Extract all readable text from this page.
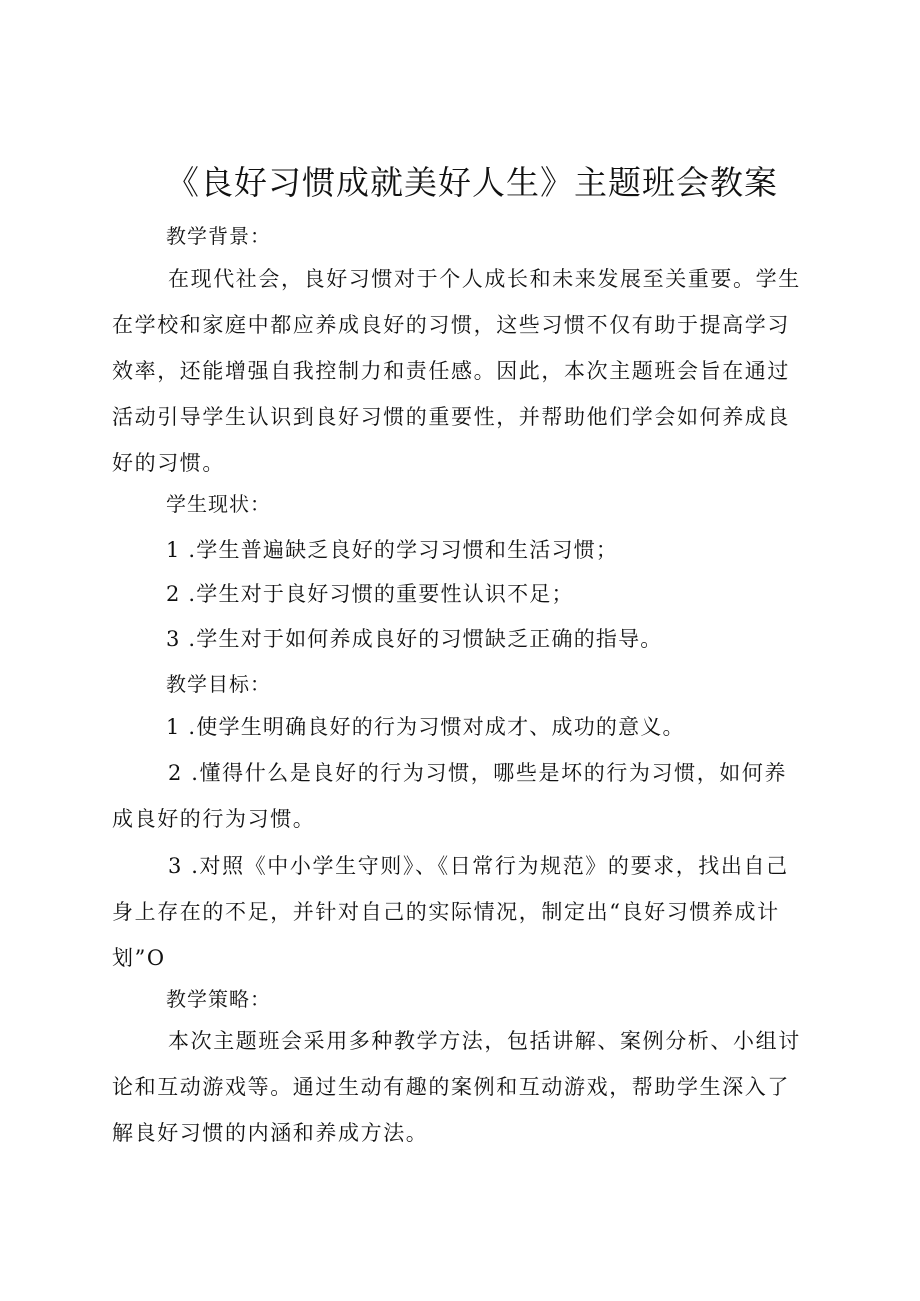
《良好习惯成就美好人生》主题班会教案
教学背景：

在现代社会，良好习惯对于个人成长和未来发展至关重要。学生在学校和家庭中都应养成良好的习惯，这些习惯不仅有助于提高学习效率，还能增强自我控制力和责任感。因此，本次主题班会旨在通过活动引导学生认识到良好习惯的重要性，并帮助他们学会如何养成良好的习惯。

学生现状：
1 .学生普遍缺乏良好的学习习惯和生活习惯；
2 .学生对于良好习惯的重要性认识不足；
3 .学生对于如何养成良好的习惯缺乏正确的指导。
教学目标：
1 .使学生明确良好的行为习惯对成才、成功的意义。

2 .懂得什么是良好的行为习惯，哪些是坏的行为习惯，如何养成良好的行为习惯。

3 .对照《中小学生守则》、《日常行为规范》的要求，找出自己身上存在的不足，并针对自己的实际情况，制定出“良好习惯养成计划”O

教学策略：

本次主题班会采用多种教学方法，包括讲解、案例分析、小组讨论和互动游戏等。通过生动有趣的案例和互动游戏，帮助学生深入了解良好习惯的内涵和养成方法。
